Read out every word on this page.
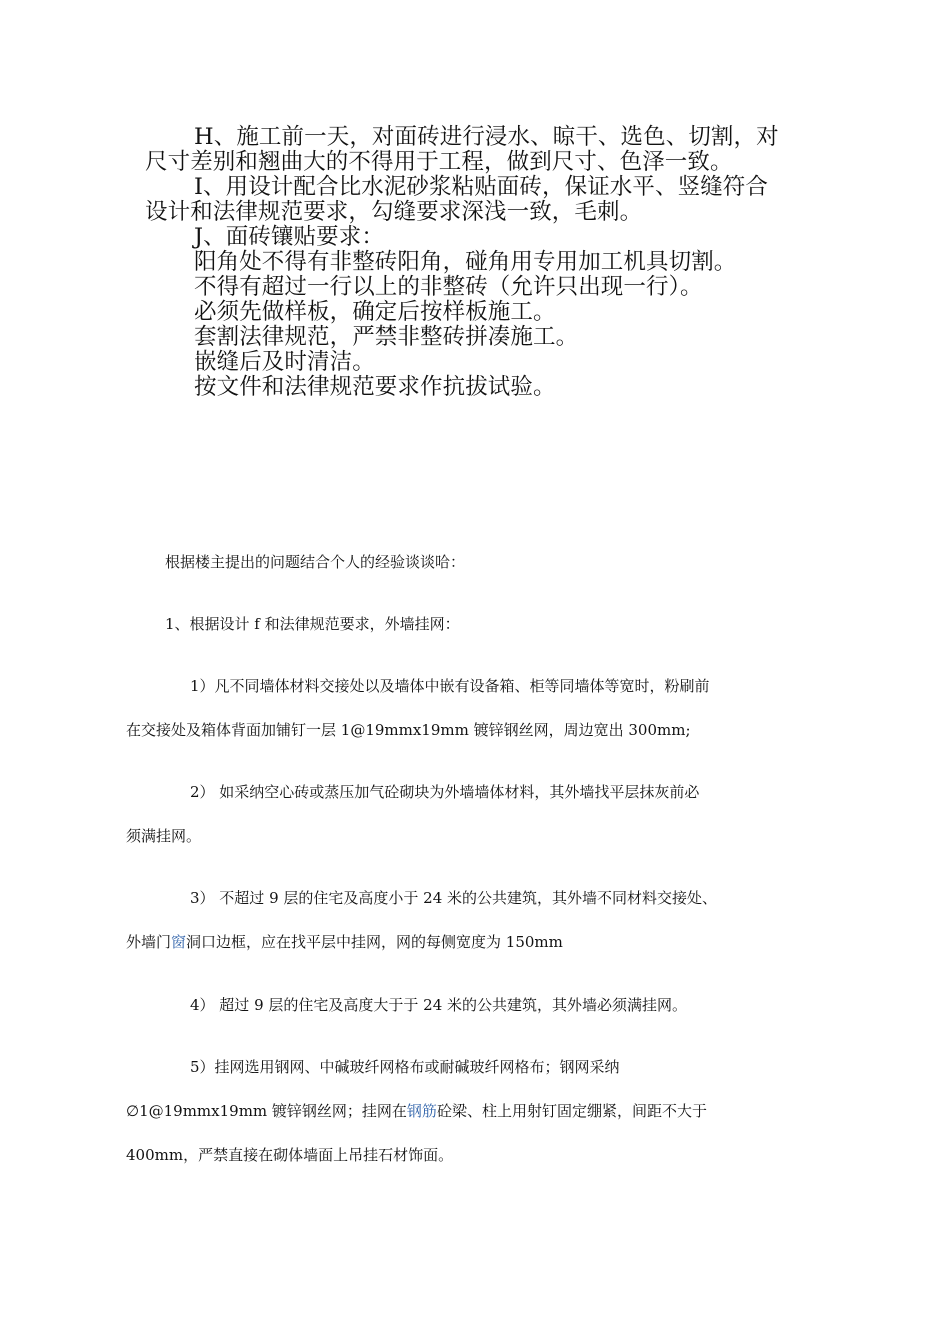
H、施工前一天，对面砖进行浸水、晾干、选色、切割，对
尺寸差别和翘曲大的不得用于工程，做到尺寸、色泽一致。
I、用设计配合比水泥砂浆粘贴面砖，保证水平、竖缝符合
设计和法律规范要求，勾缝要求深浅一致，毛刺。
J、面砖镶贴要求：
阳角处不得有非整砖阳角，碰角用专用加工机具切割。
不得有超过一行以上的非整砖（允许只出现一行）。
必须先做样板，确定后按样板施工。
套割法律规范，严禁非整砖拼凑施工。
嵌缝后及时清洁。
按文件和法律规范要求作抗拔试验。
根据楼主提出的问题结合个人的经验谈谈哈：
1、根据设计 f 和法律规范要求，外墙挂网：
1）凡不同墙体材料交接处以及墙体中嵌有设备箱、柜等同墙体等宽时，粉刷前
在交接处及箱体背面加铺钉一层 1@19mmx19mm 镀锌钢丝网，周边宽出 300mm;
2） 如采纳空心砖或蒸压加气砼砌块为外墙墙体材料，其外墙找平层抹灰前必
须满挂网。
3） 不超过 9 层的住宅及高度小于 24 米的公共建筑，其外墙不同材料交接处、
外墙门窗洞口边框，应在找平层中挂网，网的每侧宽度为 150mm
4） 超过 9 层的住宅及高度大于于 24 米的公共建筑，其外墙必须满挂网。
5）挂网选用钢网、中碱玻纤网格布或耐碱玻纤网格布；钢网采纳
∅1@19mmx19mm 镀锌钢丝网；挂网在钢筋砼梁、柱上用射钉固定绷紧，间距不大于
400mm，严禁直接在砌体墙面上吊挂石材饰面。
